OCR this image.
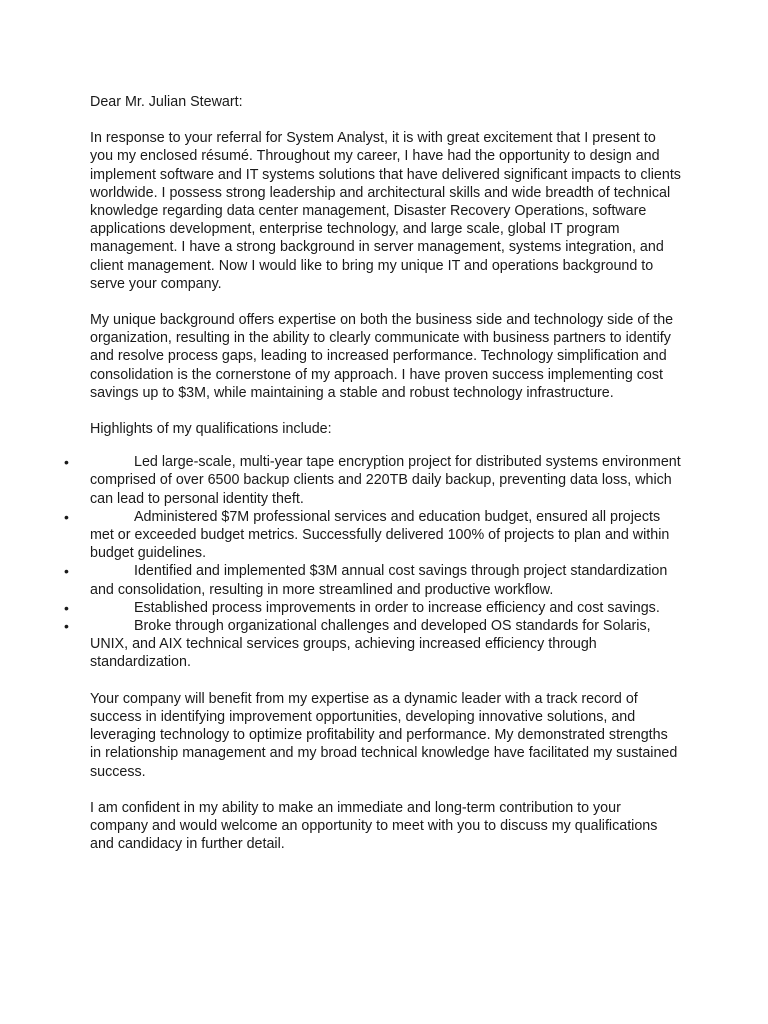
Dear Mr. Julian Stewart:

In response to your referral for System Analyst, it is with great excitement that I present to you my enclosed résumé. Throughout my career, I have had the opportunity to design and implement software and IT systems solutions that have delivered significant impacts to clients worldwide. I possess strong leadership and architectural skills and wide breadth of technical knowledge regarding data center management, Disaster Recovery Operations, software applications development, enterprise technology, and large scale, global IT program management. I have a strong background in server management, systems integration, and client management. Now I would like to bring my unique IT and operations background to serve your company.

My unique background offers expertise on both the business side and technology side of the organization, resulting in the ability to clearly communicate with business partners to identify and resolve process gaps, leading to increased performance. Technology simplification and consolidation is the cornerstone of my approach. I have proven success implementing cost savings up to $3M, while maintaining a stable and robust technology infrastructure.

Highlights of my qualifications include:

•	Led large-scale, multi-year tape encryption project for distributed systems environment comprised of over 6500 backup clients and 220TB daily backup, preventing data loss, which can lead to personal identity theft.
•	Administered $7M professional services and education budget, ensured all projects met or exceeded budget metrics. Successfully delivered 100% of projects to plan and within budget guidelines.
•	Identified and implemented $3M annual cost savings through project standardization and consolidation, resulting in more streamlined and productive workflow.
•	Established process improvements in order to increase efficiency and cost savings.
•	Broke through organizational challenges and developed OS standards for Solaris, UNIX, and AIX technical services groups, achieving increased efficiency through standardization.

Your company will benefit from my expertise as a dynamic leader with a track record of success in identifying improvement opportunities, developing innovative solutions, and leveraging technology to optimize profitability and performance. My demonstrated strengths in relationship management and my broad technical knowledge have facilitated my sustained success.

I am confident in my ability to make an immediate and long-term contribution to your company and would welcome an opportunity to meet with you to discuss my qualifications and candidacy in further detail.
